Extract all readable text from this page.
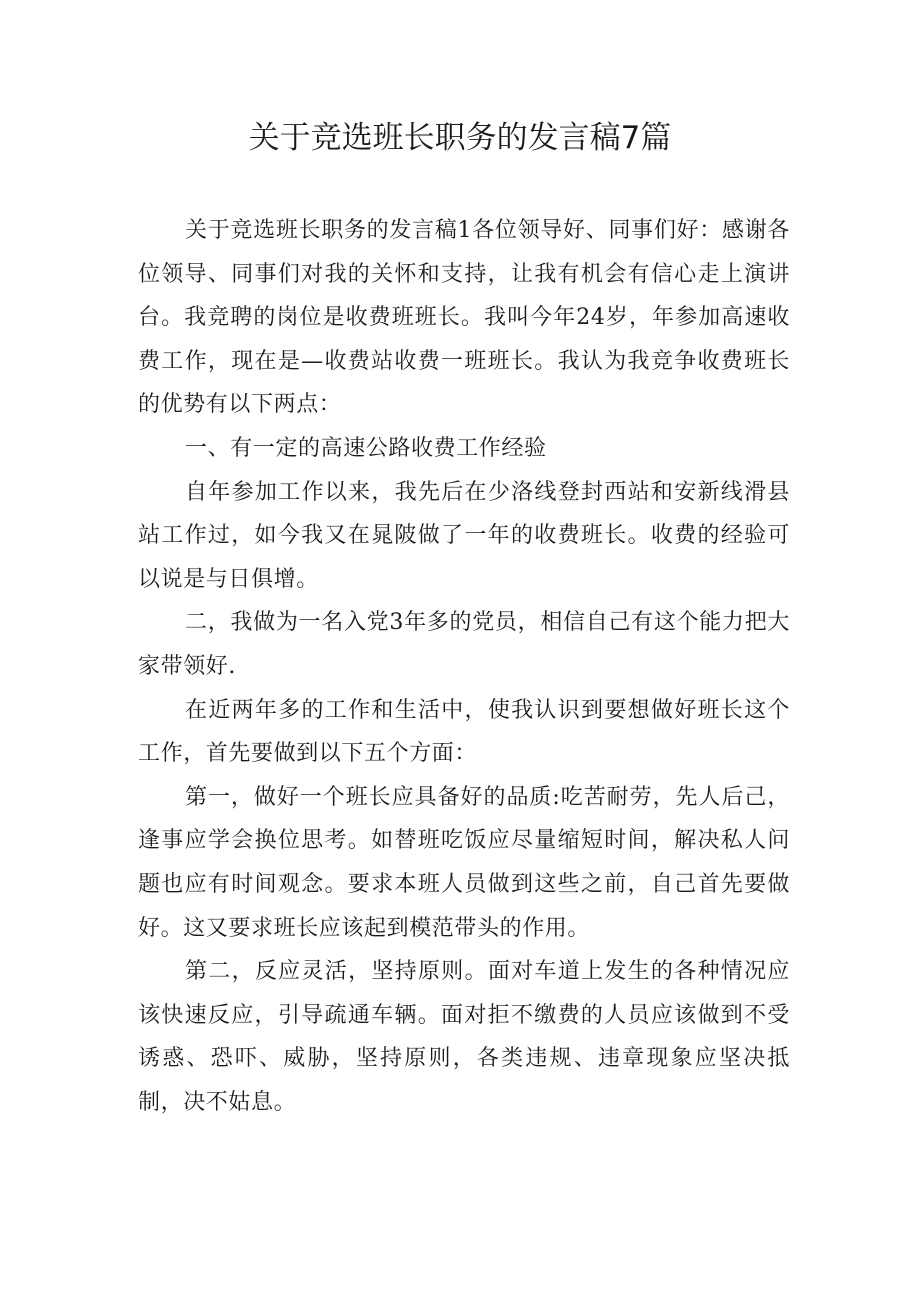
关于竞选班长职务的发言稿7篇

关于竞选班长职务的发言稿1各位领导好、同事们好：感谢各位领导、同事们对我的关怀和支持，让我有机会有信心走上演讲台。我竞聘的岗位是收费班班长。我叫今年24岁，年参加高速收费工作，现在是—收费站收费一班班长。我认为我竞争收费班长的优势有以下两点：

一、有一定的高速公路收费工作经验

自年参加工作以来，我先后在少洛线登封西站和安新线滑县站工作过，如今我又在晁陂做了一年的收费班长。收费的经验可以说是与日俱增。

二，我做为一名入党3年多的党员，相信自己有这个能力把大家带领好.

在近两年多的工作和生活中，使我认识到要想做好班长这个工作，首先要做到以下五个方面：

第一，做好一个班长应具备好的品质:吃苦耐劳，先人后己，逢事应学会换位思考。如替班吃饭应尽量缩短时间，解决私人问题也应有时间观念。要求本班人员做到这些之前，自己首先要做好。这又要求班长应该起到模范带头的作用。

第二，反应灵活，坚持原则。面对车道上发生的各种情况应该快速反应，引导疏通车辆。面对拒不缴费的人员应该做到不受诱惑、恐吓、威胁，坚持原则，各类违规、违章现象应坚决抵制，决不姑息。
